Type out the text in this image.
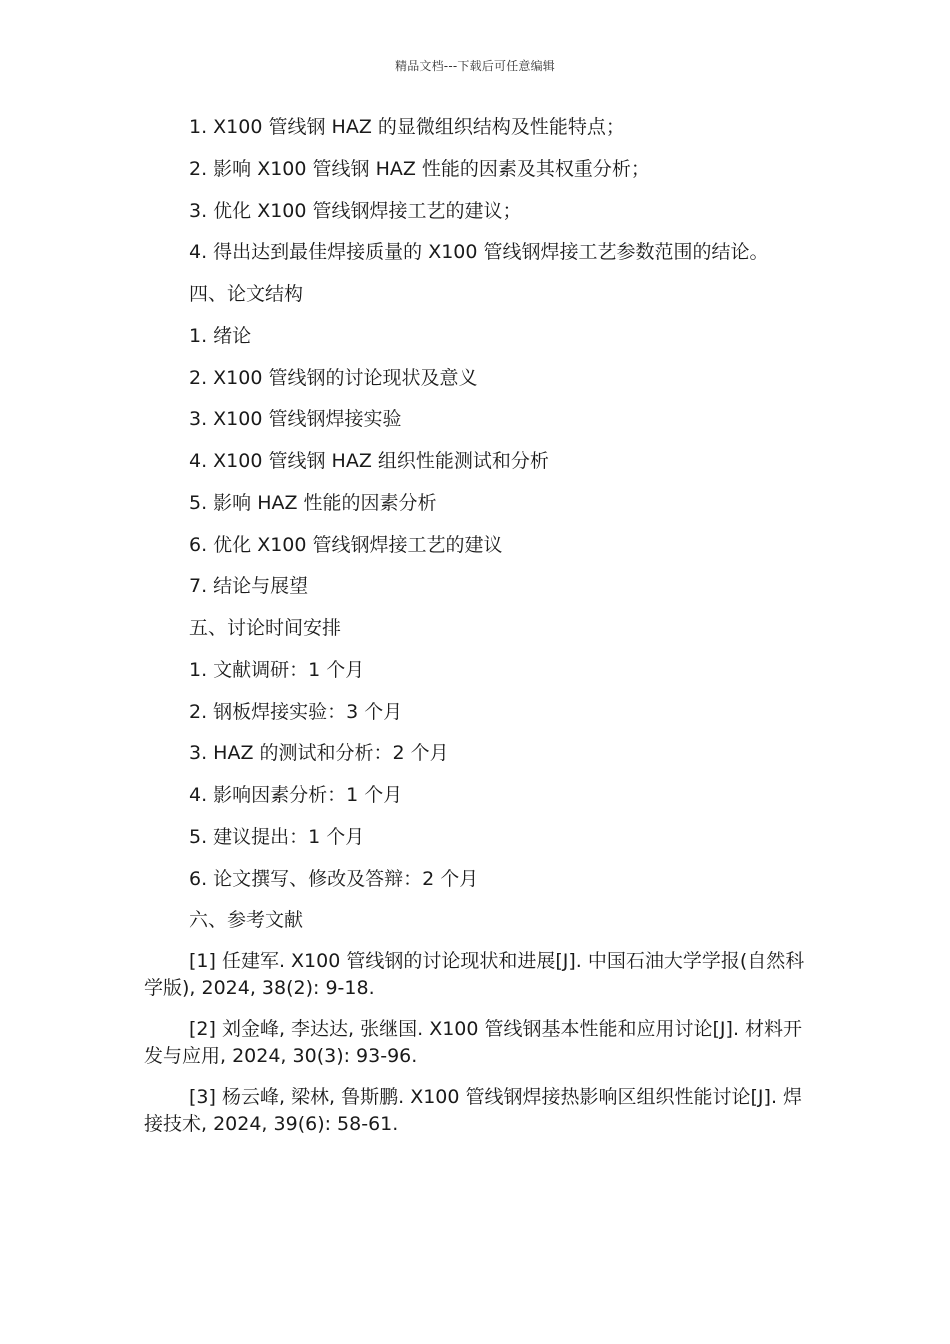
精品文档---下载后可任意编辑
1. X100 管线钢 HAZ 的显微组织结构及性能特点；
2. 影响 X100 管线钢 HAZ 性能的因素及其权重分析；
3. 优化 X100 管线钢焊接工艺的建议；
4. 得出达到最佳焊接质量的 X100 管线钢焊接工艺参数范围的结论。
四、论文结构
1. 绪论
2. X100 管线钢的讨论现状及意义
3. X100 管线钢焊接实验
4. X100 管线钢 HAZ 组织性能测试和分析
5. 影响 HAZ 性能的因素分析
6. 优化 X100 管线钢焊接工艺的建议
7. 结论与展望
五、讨论时间安排
1. 文献调研：1 个月
2. 钢板焊接实验：3 个月
3. HAZ 的测试和分析：2 个月
4. 影响因素分析：1 个月
5. 建议提出：1 个月
6. 论文撰写、修改及答辩：2 个月
六、参考文献
[1] 任建军. X100 管线钢的讨论现状和进展[J]. 中国石油大学学报(自然科学版), 2024, 38(2): 9-18.
[2] 刘金峰, 李达达, 张继国. X100 管线钢基本性能和应用讨论[J]. 材料开发与应用, 2024, 30(3): 93-96.
[3] 杨云峰, 梁林, 鲁斯鹏. X100 管线钢焊接热影响区组织性能讨论[J]. 焊接技术, 2024, 39(6): 58-61.
